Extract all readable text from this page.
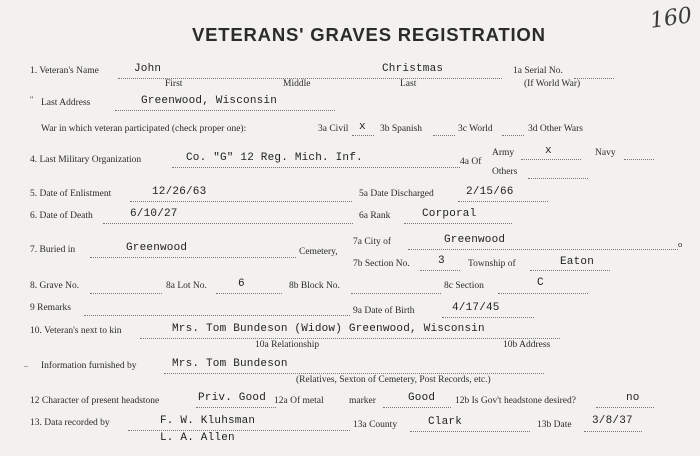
160
VETERANS' GRAVES REGISTRATION
1. Veteran's Name	John	Christmas
First	Middle	Last
1a Serial No.
(If World War)
" Last Address	Greenwood, Wisconsin
War in which veteran participated (check proper one):	3a Civil x 3b Spanish	3c World	3d Other Wars
4. Last Military Organization	Co. "G" 12 Reg. Mich. Inf.	4a Of
Army	x	Navy
Others
5. Date of Enlistment	12/26/63	5a Date Discharged	2/15/66
6. Date of Death	6/10/27	6a Rank	Corporal
7. Buried in	Greenwood	Cemetery,
7a City of	Greenwood	o
7b Section No.	3 Township of	Eaton
8. Grave No.	8a Lot No.	6	8b Block No.	8c Section	C
9 Remarks	9a Date of Birth	4/17/45
10. Veteran's next to kin	Mrs. Tom Bundeson (Widow) Greenwood, Wisconsin
10a Relationship	10b Address
.. Information furnished by	Mrs. Tom Bundeson
(Relatives, Sexton of Cemetery, Post Records, etc.)
12 Character of present headstone	Priv. Good 12a Of metal	marker	Good 12b Is Gov't headstone desired?	no
13. Data recorded by	F. W. Kluhsman
L. A. Allen
13a County	Clark	13b Date 3/8/37
